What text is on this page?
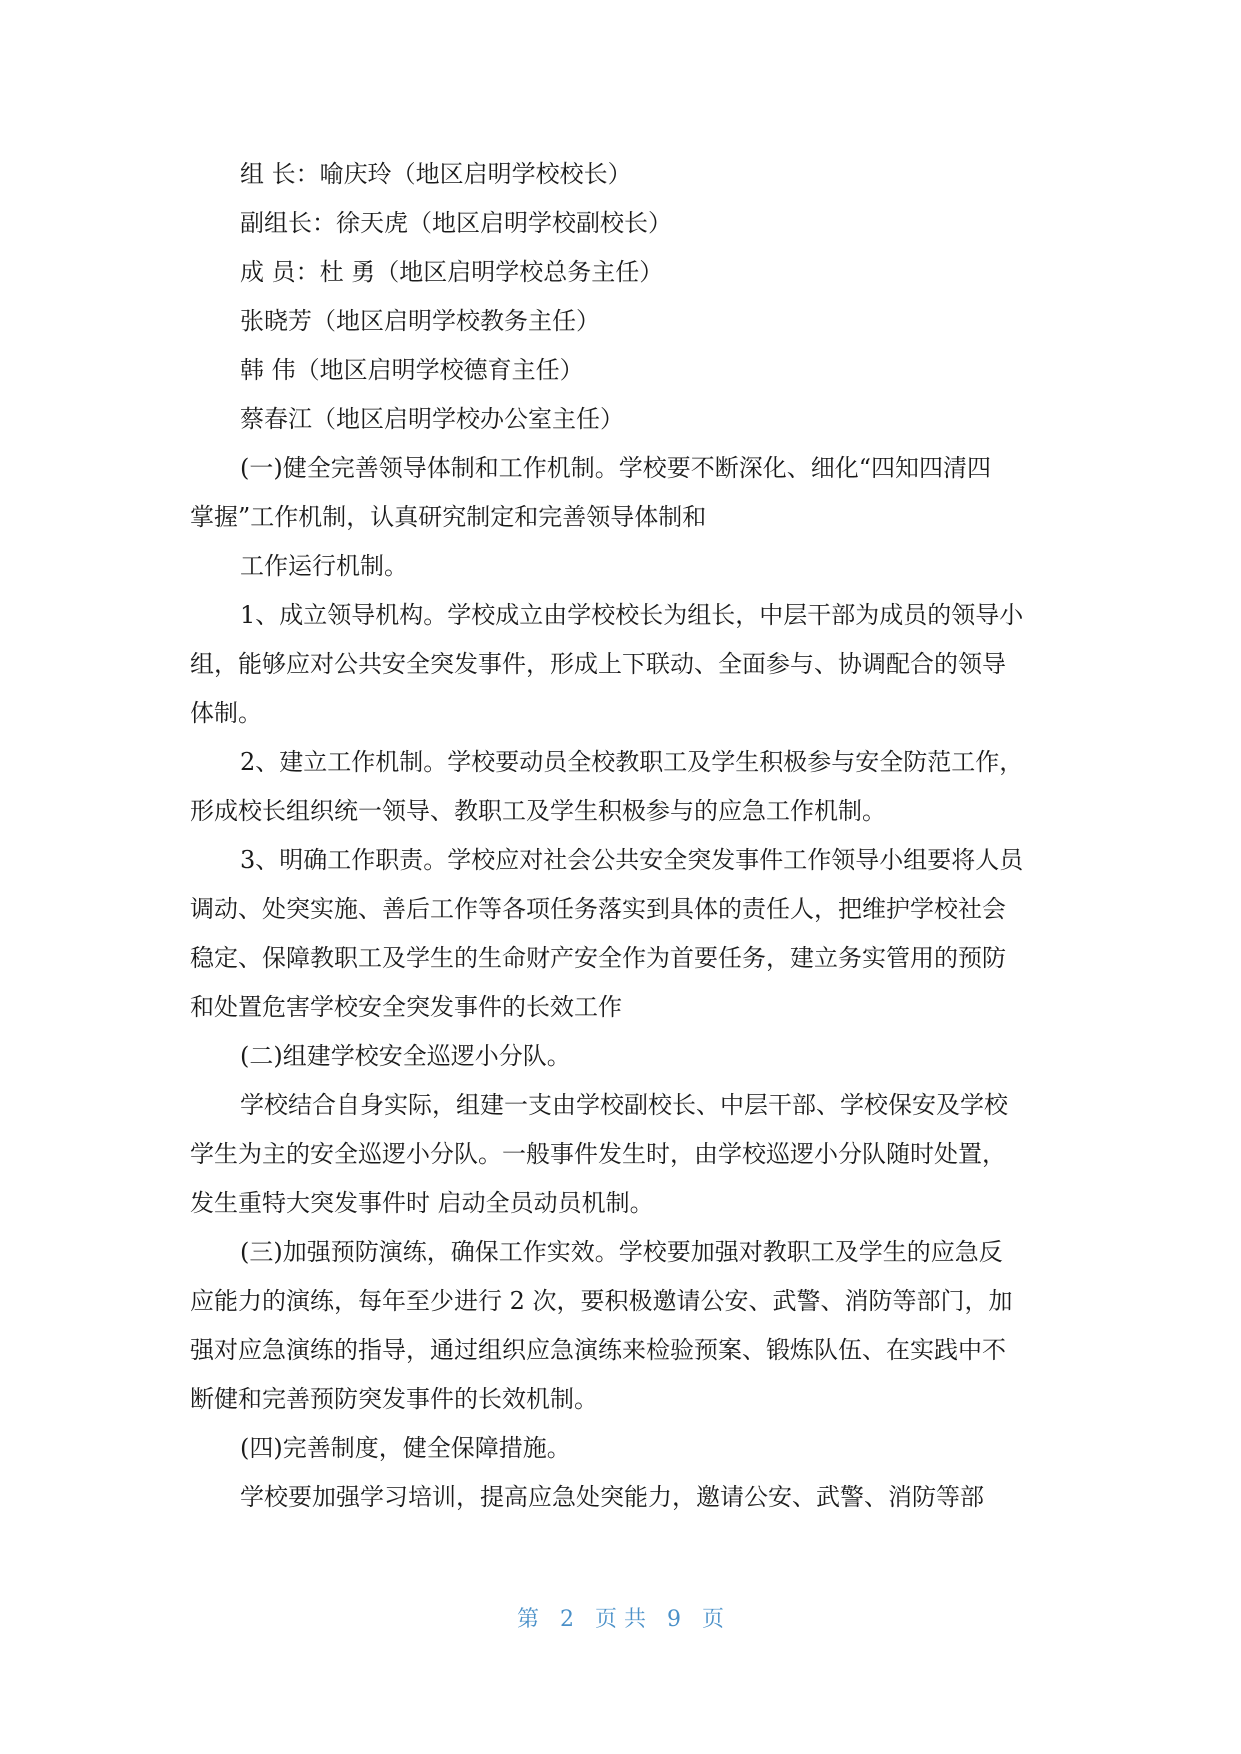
组 长：喻庆玲（地区启明学校校长）

副组长：徐天虎（地区启明学校副校长）

成 员：杜 勇（地区启明学校总务主任）

张晓芳（地区启明学校教务主任）

韩 伟（地区启明学校德育主任）

蔡春江（地区启明学校办公室主任）

(一)健全完善领导体制和工作机制。学校要不断深化、细化“四知四清四

掌握”工作机制，认真研究制定和完善领导体制和

工作运行机制。

1、成立领导机构。学校成立由学校校长为组长，中层干部为成员的领导小

组，能够应对公共安全突发事件，形成上下联动、全面参与、协调配合的领导

体制。

2、建立工作机制。学校要动员全校教职工及学生积极参与安全防范工作，

形成校长组织统一领导、教职工及学生积极参与的应急工作机制。

3、明确工作职责。学校应对社会公共安全突发事件工作领导小组要将人员

调动、处突实施、善后工作等各项任务落实到具体的责任人，把维护学校社会

稳定、保障教职工及学生的生命财产安全作为首要任务，建立务实管用的预防

和处置危害学校安全突发事件的长效工作

(二)组建学校安全巡逻小分队。

学校结合自身实际，组建一支由学校副校长、中层干部、学校保安及学校

学生为主的安全巡逻小分队。一般事件发生时，由学校巡逻小分队随时处置，

发生重特大突发事件时 启动全员动员机制。

(三)加强预防演练，确保工作实效。学校要加强对教职工及学生的应急反

应能力的演练，每年至少进行 2 次，要积极邀请公安、武警、消防等部门，加

强对应急演练的指导，通过组织应急演练来检验预案、锻炼队伍、在实践中不

断健和完善预防突发事件的长效机制。

(四)完善制度，健全保障措施。

学校要加强学习培训，提高应急处突能力，邀请公安、武警、消防等部

第 2 页 共 9 页
